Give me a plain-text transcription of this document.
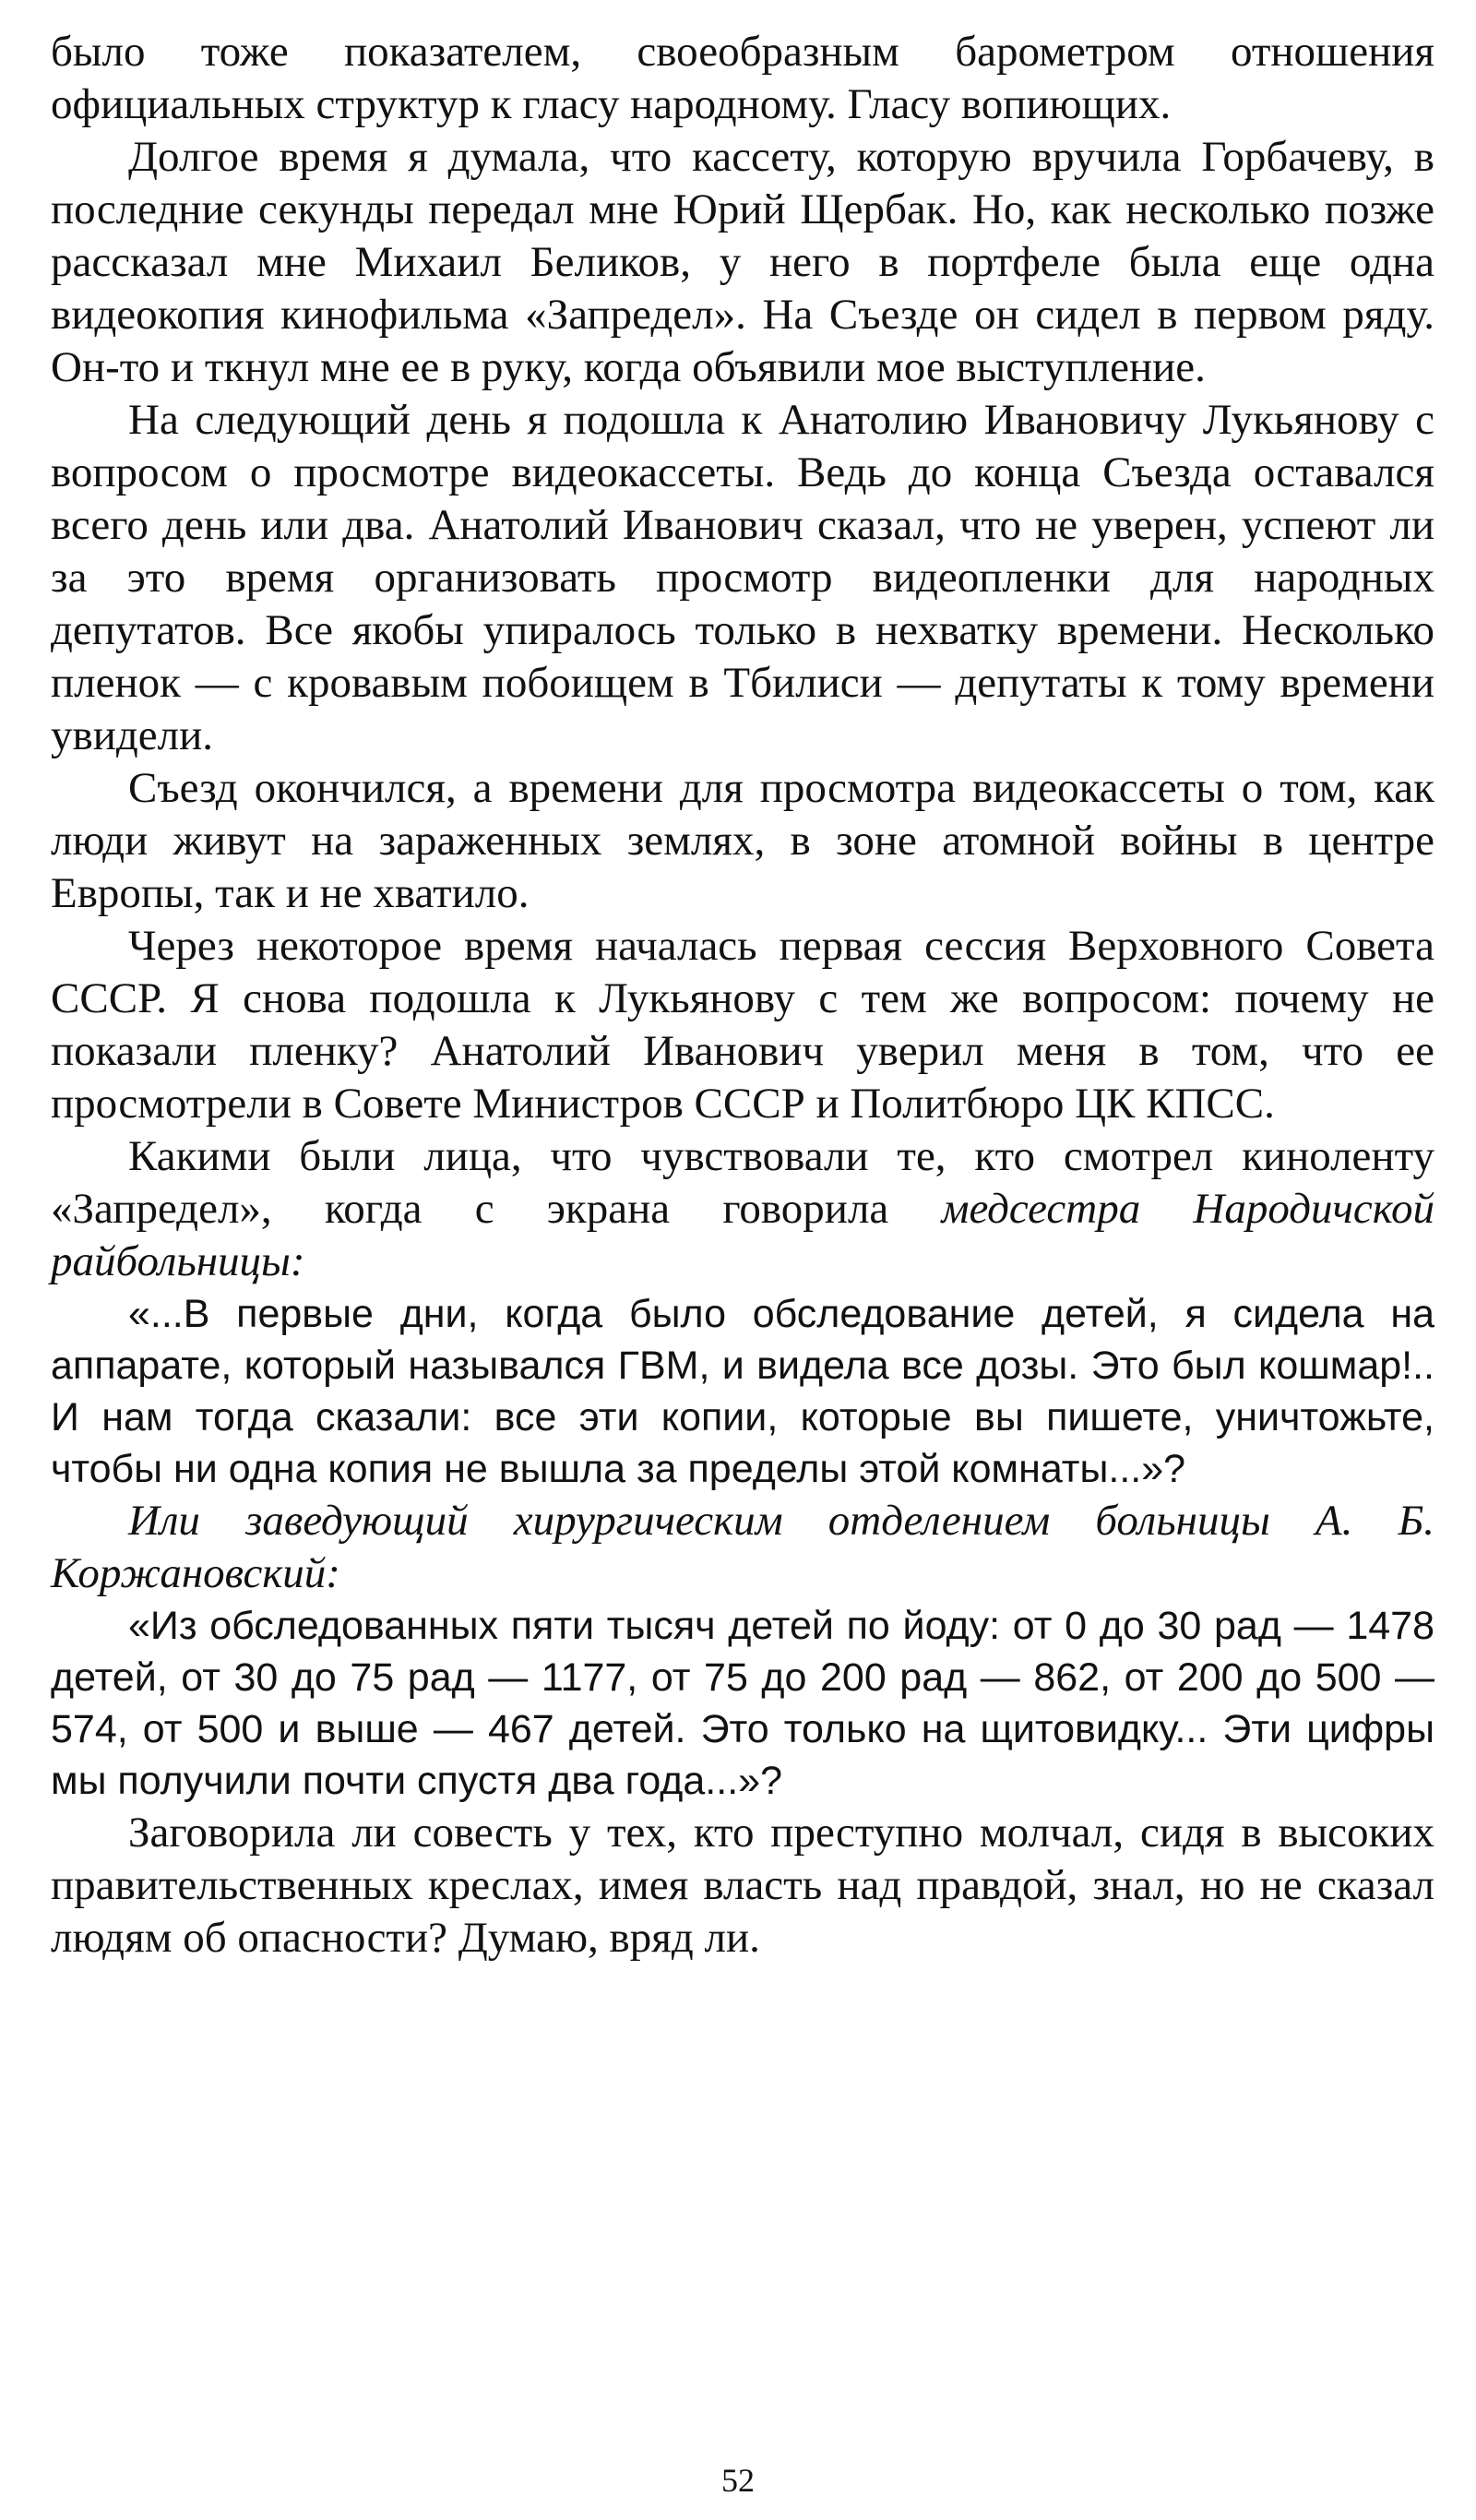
было тоже показателем, своеобразным барометром отношения официальных структур к гласу народному. Гласу вопиющих.

Долгое время я думала, что кассету, которую вручила Горбачеву, в последние секунды передал мне Юрий Щербак. Но, как несколько позже рассказал мне Михаил Беликов, у него в портфеле была еще одна видеокопия кинофильма «Запредел». На Съезде он сидел в первом ряду. Он-то и ткнул мне ее в руку, когда объявили мое выступление.

На следующий день я подошла к Анатолию Ивановичу Лукьянову с вопросом о просмотре видеокассеты. Ведь до конца Съезда оставался всего день или два. Анатолий Иванович сказал, что не уверен, успеют ли за это время организовать просмотр видеопленки для народных депутатов. Все якобы упиралось только в нехватку времени. Несколько пленок — с кровавым побоищем в Тбилиси — депутаты к тому времени увидели.

Съезд окончился, а времени для просмотра видеокассеты о том, как люди живут на зараженных землях, в зоне атомной войны в центре Европы, так и не хватило.

Через некоторое время началась первая сессия Верховного Совета СССР. Я снова подошла к Лукьянову с тем же вопросом: почему не показали пленку? Анатолий Иванович уверил меня в том, что ее просмотрели в Совете Министров СССР и Политбюро ЦК КПСС.

Какими были лица, что чувствовали те, кто смотрел киноленту «Запредел», когда с экрана говорила медсестра Народичской райбольницы:

«...В первые дни, когда было обследование детей, я сидела на аппарате, который назывался ГВМ, и видела все дозы. Это был кошмар!.. И нам тогда сказали: все эти копии, которые вы пишете, уничтожьте, чтобы ни одна копия не вышла за пределы этой комнаты...»?

Или заведующий хирургическим отделением больницы А. Б. Коржановский:

«Из обследованных пяти тысяч детей по йоду: от 0 до 30 рад — 1478 детей, от 30 до 75 рад — 1177, от 75 до 200 рад — 862, от 200 до 500 — 574, от 500 и выше — 467 детей. Это только на щитовидку... Эти цифры мы получили почти спустя два года...»?

Заговорила ли совесть у тех, кто преступно молчал, сидя в высоких правительственных креслах, имея власть над правдой, знал, но не сказал людям об опасности? Думаю, вряд ли.

52
